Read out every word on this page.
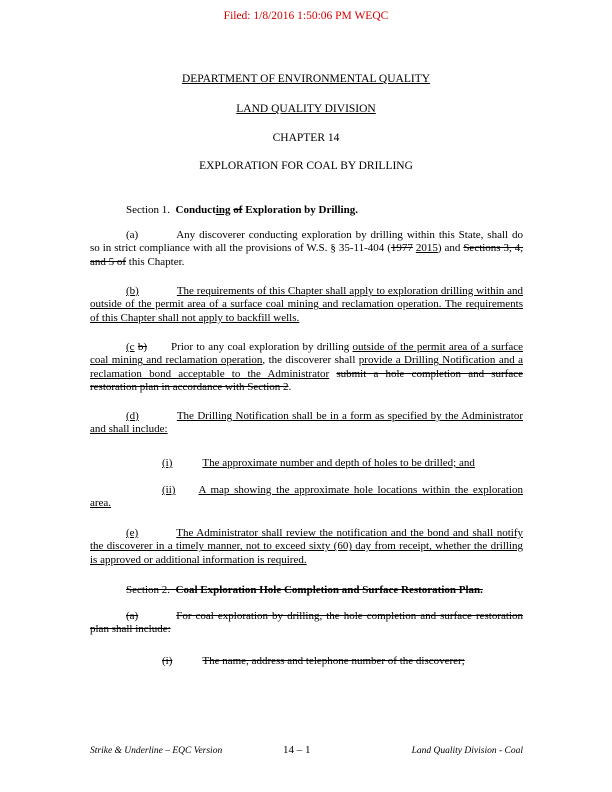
Filed: 1/8/2016 1:50:06 PM WEQC
DEPARTMENT OF ENVIRONMENTAL QUALITY
LAND QUALITY DIVISION
CHAPTER 14
EXPLORATION FOR COAL BY DRILLING
Section 1. Conducting of Exploration by Drilling.
(a)	Any discoverer conducting exploration by drilling within this State, shall do so in strict compliance with all the provisions of W.S. § 35-11-404 (1977 2015) and Sections 3, 4, and 5 of this Chapter.
(b)	The requirements of this Chapter shall apply to exploration drilling within and outside of the permit area of a surface coal mining and reclamation operation. The requirements of this Chapter shall not apply to backfill wells.
(c b) Prior to any coal exploration by drilling outside of the permit area of a surface coal mining and reclamation operation, the discoverer shall provide a Drilling Notification and a reclamation bond acceptable to the Administrator submit a hole completion and surface restoration plan in accordance with Section 2.
(d)	The Drilling Notification shall be in a form as specified by the Administrator and shall include:
(i)	The approximate number and depth of holes to be drilled; and
(ii) A map showing the approximate hole locations within the exploration area.
(e)	The Administrator shall review the notification and the bond and shall notify the discoverer in a timely manner, not to exceed sixty (60) day from receipt, whether the drilling is approved or additional information is required.
Section 2. Coal Exploration Hole Completion and Surface Restoration Plan.
(a)	For coal exploration by drilling, the hole completion and surface restoration plan shall include:
(i)	The name, address and telephone number of the discoverer;
Strike & Underline – EQC Version	14 – 1	Land Quality Division - Coal
